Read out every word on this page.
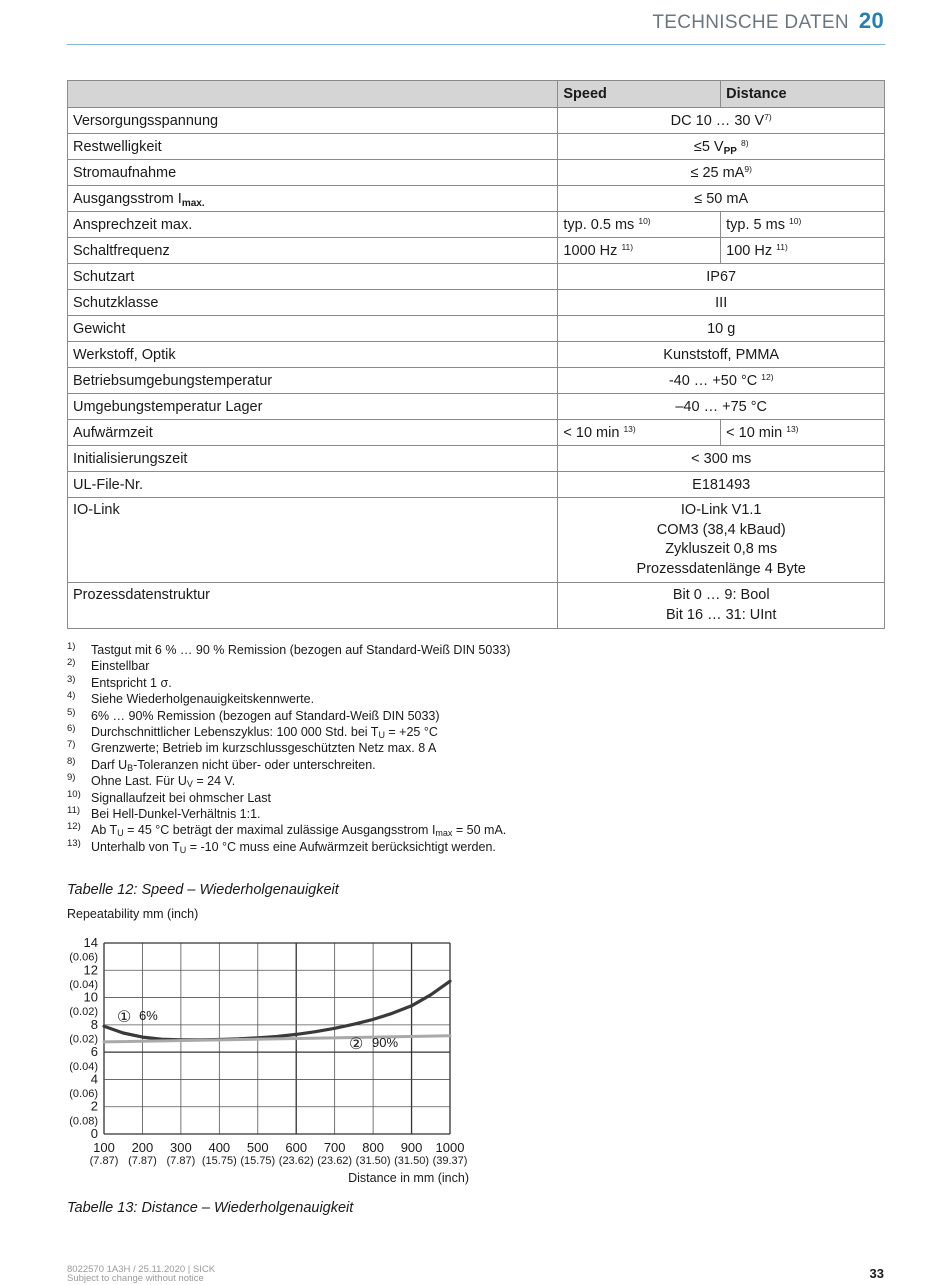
TECHNISCHE DATEN 20
	Speed	Distance
Versorgungsspannung	DC 10 … 30 $V^{7)}$
Restwelligkeit	≤5 $V_{PP}$ $^{8)}$
Stromaufnahme	≤ 25 $mA^{9)}$
Ausgangsstrom $I_{max.}$	≤ 50 mA	
Ansprechzeit max.	typ. 0.5 ms $^{10)}$	typ. 5 ms $^{10)}$
Schaltfrequenz	1000 Hz $^{11)}$	100 Hz $^{11)}$
Schutzart	IP67	
Schutzklasse	III	
Gewicht	10 g	
Werkstoff, Optik	Kunststoff, PMMA	
Betriebsumgebungstemperatur	-40 … +50 °C $^{12)}$
Umgebungstemperatur Lager	–40 … +75 °C	
Aufwärmzeit	< 10 min $^{13)}$	< 10 min $^{13)}$
Initialisierungszeit	< 300 ms	
UL-File-Nr.	E181493	
IO-Link	IO-Link V1.1
COM3 (38,4 kBaud)
Zykluszeit 0,8 ms
Prozessdatenlänge 4 Byte	

Prozessdatenstruktur	Bit 0 … 9: Bool
Bit 16 … 31: UInt	
1)	Tastgut mit 6 % … 90 % Remission (bezogen auf Standard-Weiß DIN 5033)
2)	Einstellbar
3)	Entspricht 1 σ.
4)	Siehe Wiederholgenauigkeitskennwerte.
5)	6% … 90% Remission (bezogen auf Standard-Weiß DIN 5033)
6)	Durchschnittlicher Lebenszyklus: 100 000 Std. bei $T_U = +25$ °C
7)	Grenzwerte; Betrieb im kurzschlussgeschützten Netz max. 8 A
8)	Darf $U_B$-Toleranzen nicht über- oder unterschreiten.
9)	Ohne Last. Für $U_V = 24$ V.
10) Signallaufzeit bei ohmscher Last
11) Bei Hell-Dunkel-Verhältnis 1:1.
12) Ab $T_U = 45$ °C beträgt der maximal zulässige Ausgangsstrom $I_{max} = 50$ mA.
13) Unterhalb von $T_U = -10$ °C muss eine Aufwärmzeit berücksichtigt werden.
Tabelle 12: Speed – Wiederholgenauigkeit
Repeatability mm (inch)
0
2
4
6
8
10
12
14
(0.08)
(0.06)
(0.04)
(0.02)
(0.02)
(0.04)
(0.06)
100 200 300 400 500 600 700 800 900 1000
(7.87) (7.87) (7.87) (15.75) (15.75) (23.62) (23.62) (31.50) (31.50) (39.37)
① 6%
② 90%
Distance in mm (inch)
Tabelle 13: Distance – Wiederholgenauigkeit
8022570 1A3H / 25.11.2020 | SICK
Subject to change without notice	33
